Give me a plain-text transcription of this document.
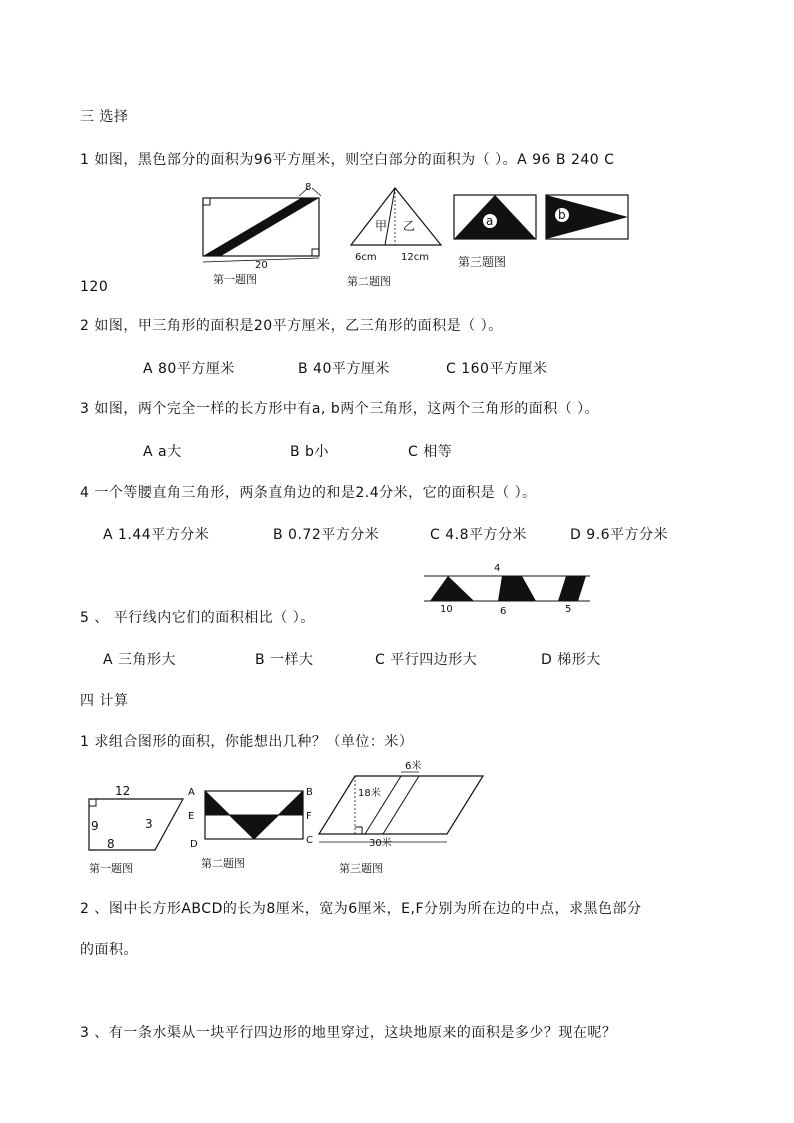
三 选择
1 如图，黑色部分的面积为96平方厘米，则空白部分的面积为（ ）。A 96 B 240 C
8
20
第一题图
甲 乙
6cm 12cm
第二题图
a	b
第三题图
120
2 如图，甲三角形的面积是20平方厘米，乙三角形的面积是（ ）。
A 80平方厘米	B 40平方厘米	C 160平方厘米
3 如图，两个完全一样的长方形中有a, b两个三角形，这两个三角形的面积（ ）。
A a大	B b小	C 相等
4 一个等腰直角三角形，两条直角边的和是2.4分米，它的面积是（ ）。
A 1.44平方分米	B 0.72平方分米	C 4.8平方分米	D 9.6平方分米
4
10	6	5
5 、 平行线内它们的面积相比（ ）。
A 三角形大	B 一样大	C 平行四边形大	D 梯形大
四 计算
1 求组合图形的面积，你能想出几种？（单位：米）
12
9
8
3
第一题图
A	B
E	F
D	C
第二题图
6米
18米
30米
第三题图
2 、图中长方形ABCD的长为8厘米，宽为6厘米，E,F分别为所在边的中点，求黑色部分
的面积。
3 、有一条水渠从一块平行四边形的地里穿过，这块地原来的面积是多少？现在呢？
